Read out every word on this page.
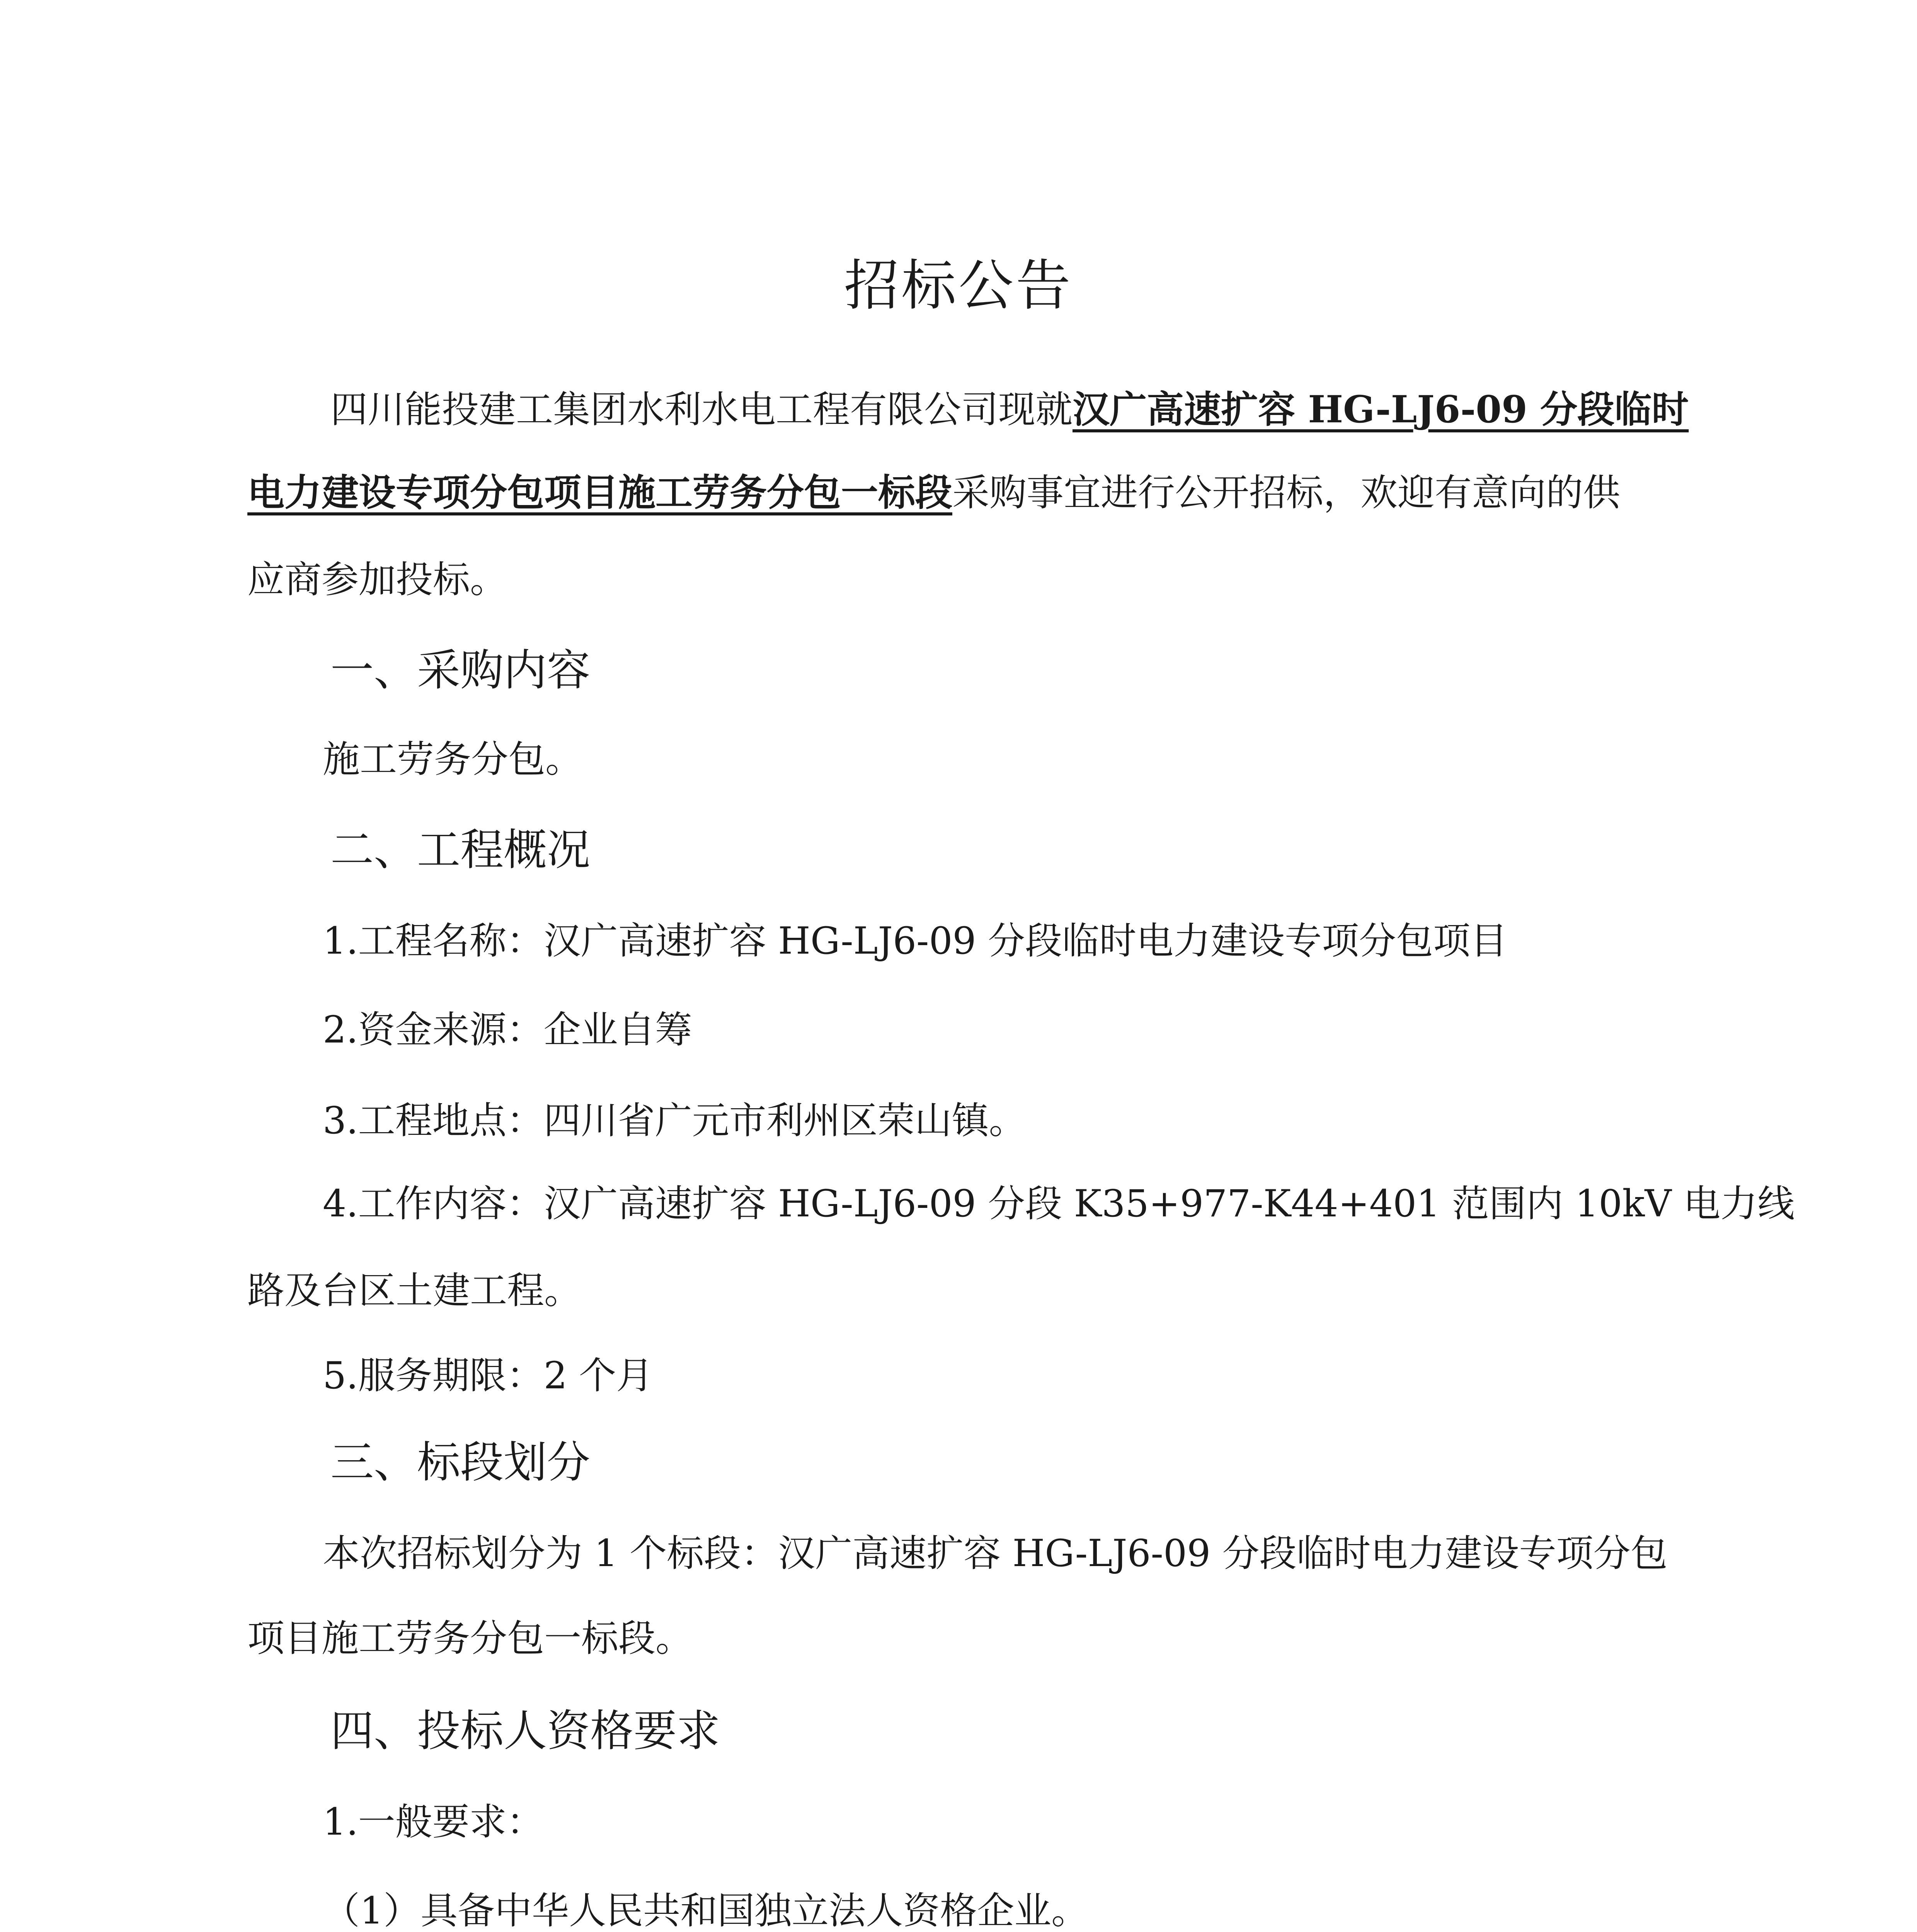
招标公告
四川能投建工集团水利水电工程有限公司现就汉广高速扩容 HG-LJ6-09 分段临时
电力建设专项分包项目施工劳务分包一标段采购事宜进行公开招标，欢迎有意向的供
应商参加投标。
一、采购内容
施工劳务分包。
二、工程概况
1.工程名称：汉广高速扩容 HG-LJ6-09 分段临时电力建设专项分包项目
2.资金来源：企业自筹
3.工程地点：四川省广元市利州区荣山镇。
4.工作内容：汉广高速扩容 HG-LJ6-09 分段 K35+977-K44+401 范围内 10kV 电力线
路及台区土建工程。
5.服务期限：2 个月
三、标段划分
本次招标划分为 1 个标段：汉广高速扩容 HG-LJ6-09 分段临时电力建设专项分包
项目施工劳务分包一标段。
四、投标人资格要求
1.一般要求：
（1）具备中华人民共和国独立法人资格企业。
